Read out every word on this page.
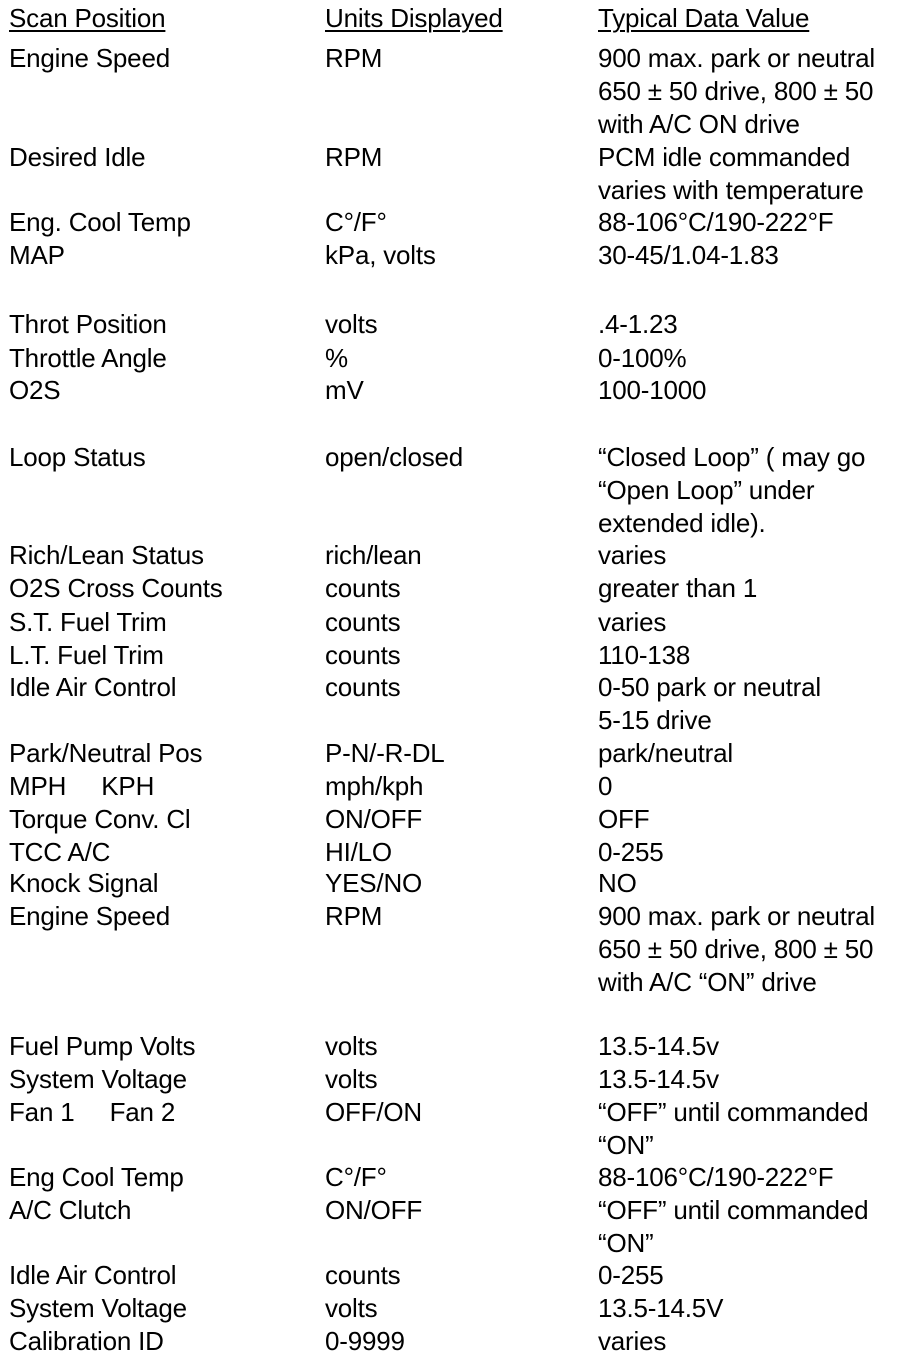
Scan Position	Units Displayed	Typical Data Value
Engine Speed	RPM	900 max. park or neutral
650 ± 50 drive, 800 ± 50
with A/C ON drive
Desired Idle	RPM	PCM idle commanded
varies with temperature
Eng. Cool Temp	C°/F°	88-106°C/190-222°F
MAP	kPa, volts	30-45/1.04-1.83
Throt Position	volts	.4-1.23
Throttle Angle	%	0-100%
O2S	mV	100-1000
Loop Status	open/closed	“Closed Loop” ( may go
“Open Loop” under
extended idle).
Rich/Lean Status	rich/lean	varies
O2S Cross Counts	counts	greater than 1
S.T. Fuel Trim	counts	varies
L.T. Fuel Trim	counts	110-138
Idle Air Control	counts	0-50 park or neutral
5-15 drive
Park/Neutral Pos	P-N/-R-DL	park/neutral
MPH     KPH	mph/kph	0
Torque Conv. Cl	ON/OFF	OFF
TCC A/C	HI/LO	0-255
Knock Signal	YES/NO	NO
Engine Speed	RPM	900 max. park or neutral
650 ± 50 drive, 800 ± 50
with A/C “ON” drive
Fuel Pump Volts	volts	13.5-14.5v
System Voltage	volts	13.5-14.5v
Fan 1     Fan 2	OFF/ON	“OFF” until commanded
“ON”
Eng Cool Temp	C°/F°	88-106°C/190-222°F
A/C Clutch	ON/OFF	“OFF” until commanded
“ON”
Idle Air Control	counts	0-255
System Voltage	volts	13.5-14.5V
Calibration ID	0-9999	varies
